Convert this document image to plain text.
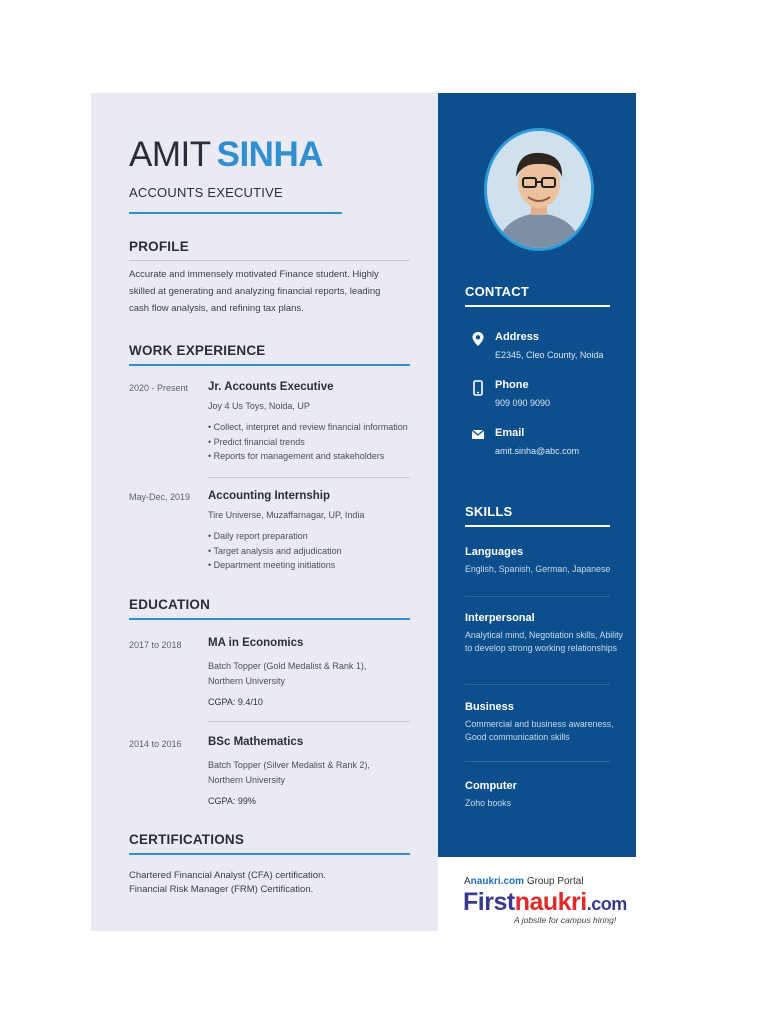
AMIT SINHA
ACCOUNTS EXECUTIVE
PROFILE
Accurate and immensely motivated Finance student. Highly skilled at generating and analyzing financial reports, leading cash flow analysis, and refining tax plans.
WORK EXPERIENCE
2020 - Present Jr. Accounts Executive
Joy 4 Us Toys, Noida, UP
• Collect, interpret and review financial information
• Predict financial trends
• Reports for management and stakeholders
May-Dec, 2019 Accounting Internship
Tire Universe, Muzaffarnagar, UP, India
• Daily report preparation
• Target analysis and adjudication
• Department meeting initiations
EDUCATION
2017 to 2018 MA in Economics
Batch Topper (Gold Medalist & Rank 1), Northern University
CGPA: 9.4/10
2014 to 2016 BSc Mathematics
Batch Topper (Silver Medalist & Rank 2), Northern University
CGPA: 99%
CERTIFICATIONS
Chartered Financial Analyst (CFA) certification.
Financial Risk Manager (FRM) Certification.
CONTACT
Address
E2345, Cleo County, Noida
Phone
909 090 9090
Email
amit.sinha@abc.com
SKILLS
Languages
English, Spanish, German, Japanese
Interpersonal
Analytical mind, Negotiation skills, Ability to develop strong working relationships
Business
Commercial and business awareness, Good communication skills
Computer
Zoho books
Anaukri.com Group Portal
Firstnaukri.com
A jobsite for campus hiring!
